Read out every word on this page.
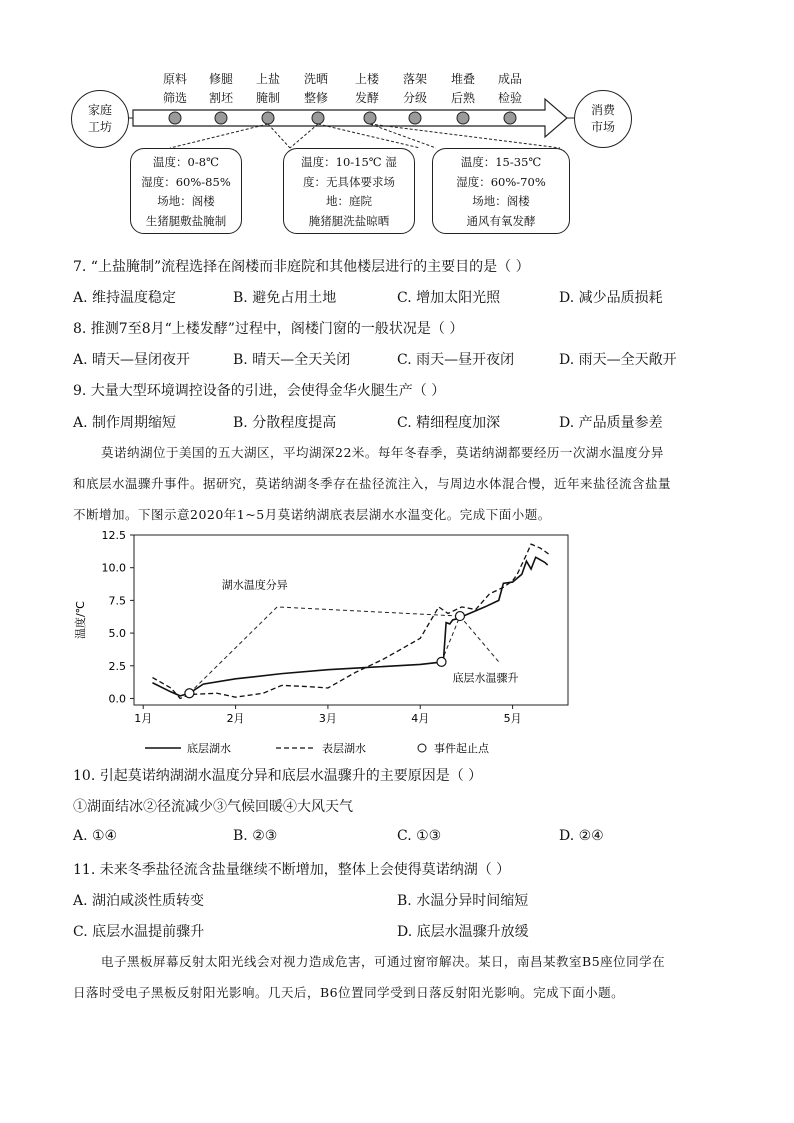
家庭
工坊
消费
市场
原料
筛选
修腿
割坯
上盐
腌制
洗晒
整修
上楼
发酵
落架
分级
堆叠
后熟
成品
检验
温度：0-8℃
湿度：60%-85%
场地：阁楼
生猪腿敷盐腌制
温度：10-15℃ 湿
度：无具体要求场
地：庭院
腌猪腿洗盐晾晒
温度：15-35℃
湿度：60%-70%
场地：阁楼
通风有氧发酵
7. “上盐腌制”流程选择在阁楼而非庭院和其他楼层进行的主要目的是（ ）
A. 维持温度稳定	B. 避免占用土地	C. 增加太阳光照	D. 减少品质损耗
8. 推测7至8月“上楼发酵”过程中，阁楼门窗的一般状况是（ ）
A. 晴天—昼闭夜开	B. 晴天—全天关闭	C. 雨天—昼开夜闭	D. 雨天—全天敞开
9. 大量大型环境调控设备的引进，会使得金华火腿生产（ ）
A. 制作周期缩短	B. 分散程度提高	C. 精细程度加深	D. 产品质量参差

莫诺纳湖位于美国的五大湖区，平均湖深22米。每年冬春季，莫诺纳湖都要经历一次湖水温度分异

和底层水温骤升事件。据研究，莫诺纳湖冬季存在盐径流注入，与周边水体混合慢，近年来盐径流含盐量

不断增加。下图示意2020年1~5月莫诺纳湖底表层湖水水温变化。完成下面小题。

0.0
2.5
5.0
7.5
10.0
12.5
1月	2月	3月	4月	5月
温度/℃
湖水温度分异
底层水温骤升
底层湖水	表层湖水	事件起止点
10. 引起莫诺纳湖湖水温度分异和底层水温骤升的主要原因是（ ）
①湖面结冰②径流减少③气候回暖④大风天气
A. ①④	B. ②③	C. ①③	D. ②④
11. 未来冬季盐径流含盐量继续不断增加，整体上会使得莫诺纳湖（ ）
A. 湖泊咸淡性质转变	B. 水温分异时间缩短
C. 底层水温提前骤升	D. 底层水温骤升放缓

电子黑板屏幕反射太阳光线会对视力造成危害，可通过窗帘解决。某日，南昌某教室B5座位同学在

日落时受电子黑板反射阳光影响。几天后，B6位置同学受到日落反射阳光影响。完成下面小题。
